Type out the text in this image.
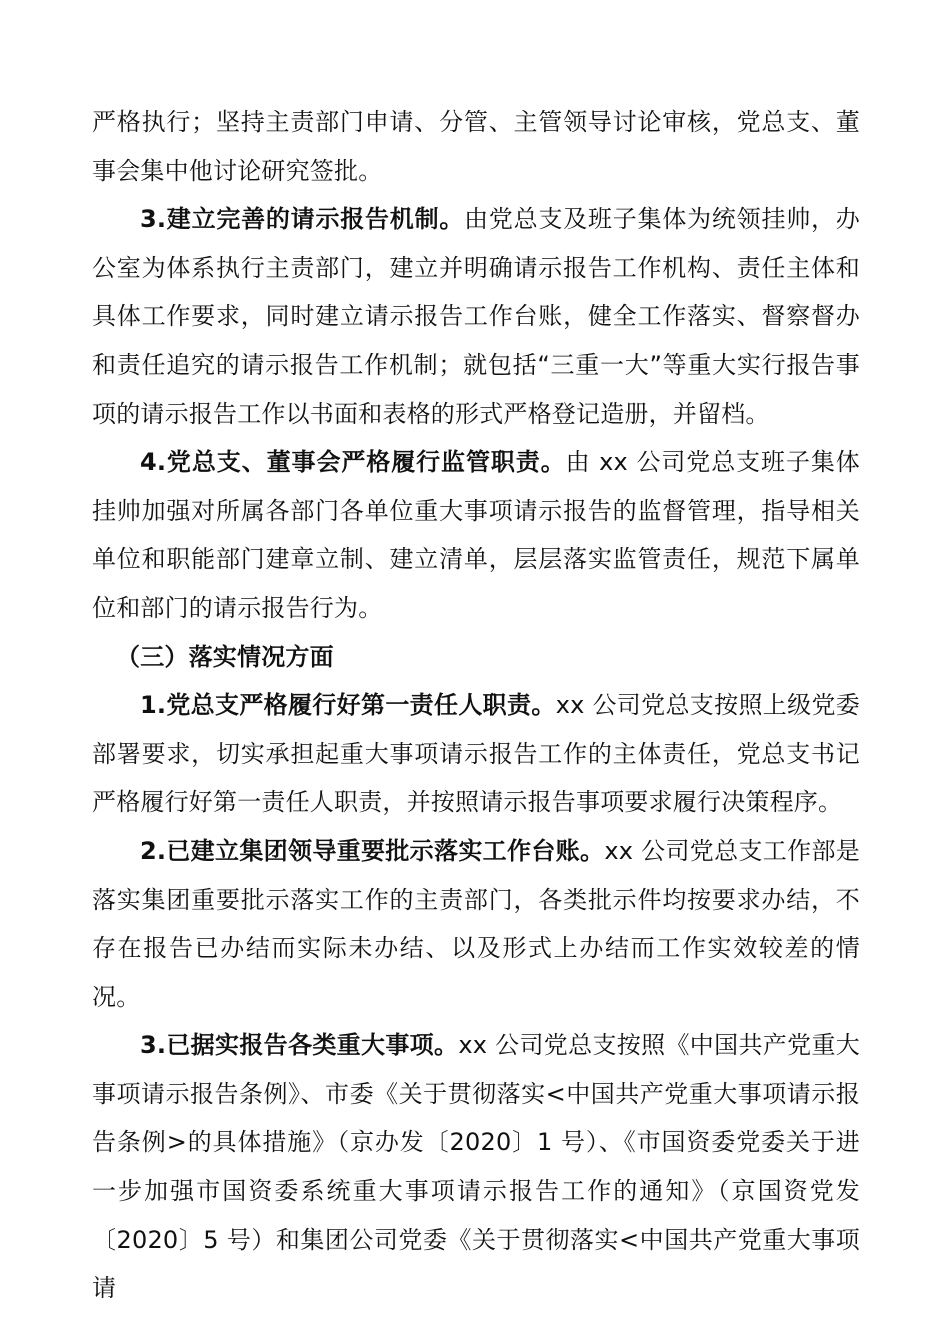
严格执行；坚持主责部门申请、分管、主管领导讨论审核，党总支、董事会集中他讨论研究签批。

3.建立完善的请示报告机制。由党总支及班子集体为统领挂帅，办公室为体系执行主责部门，建立并明确请示报告工作机构、责任主体和具体工作要求，同时建立请示报告工作台账，健全工作落实、督察督办和责任追究的请示报告工作机制；就包括“三重一大”等重大实行报告事项的请示报告工作以书面和表格的形式严格登记造册，并留档。

4.党总支、董事会严格履行监管职责。由 xx 公司党总支班子集体挂帅加强对所属各部门各单位重大事项请示报告的监督管理，指导相关单位和职能部门建章立制、建立清单，层层落实监管责任，规范下属单位和部门的请示报告行为。

（三）落实情况方面

1.党总支严格履行好第一责任人职责。xx 公司党总支按照上级党委部署要求，切实承担起重大事项请示报告工作的主体责任，党总支书记严格履行好第一责任人职责，并按照请示报告事项要求履行决策程序。

2.已建立集团领导重要批示落实工作台账。xx 公司党总支工作部是落实集团重要批示落实工作的主责部门，各类批示件均按要求办结，不存在报告已办结而实际未办结、以及形式上办结而工作实效较差的情况。

3.已据实报告各类重大事项。xx 公司党总支按照《中国共产党重大事项请示报告条例》、市委《关于贯彻落实<中国共产党重大事项请示报告条例>的具体措施》（京办发〔2020〕1 号）、《市国资委党委关于进一步加强市国资委系统重大事项请示报告工作的通知》（京国资党发〔2020〕5 号）和集团公司党委《关于贯彻落实<中国共产党重大事项请
